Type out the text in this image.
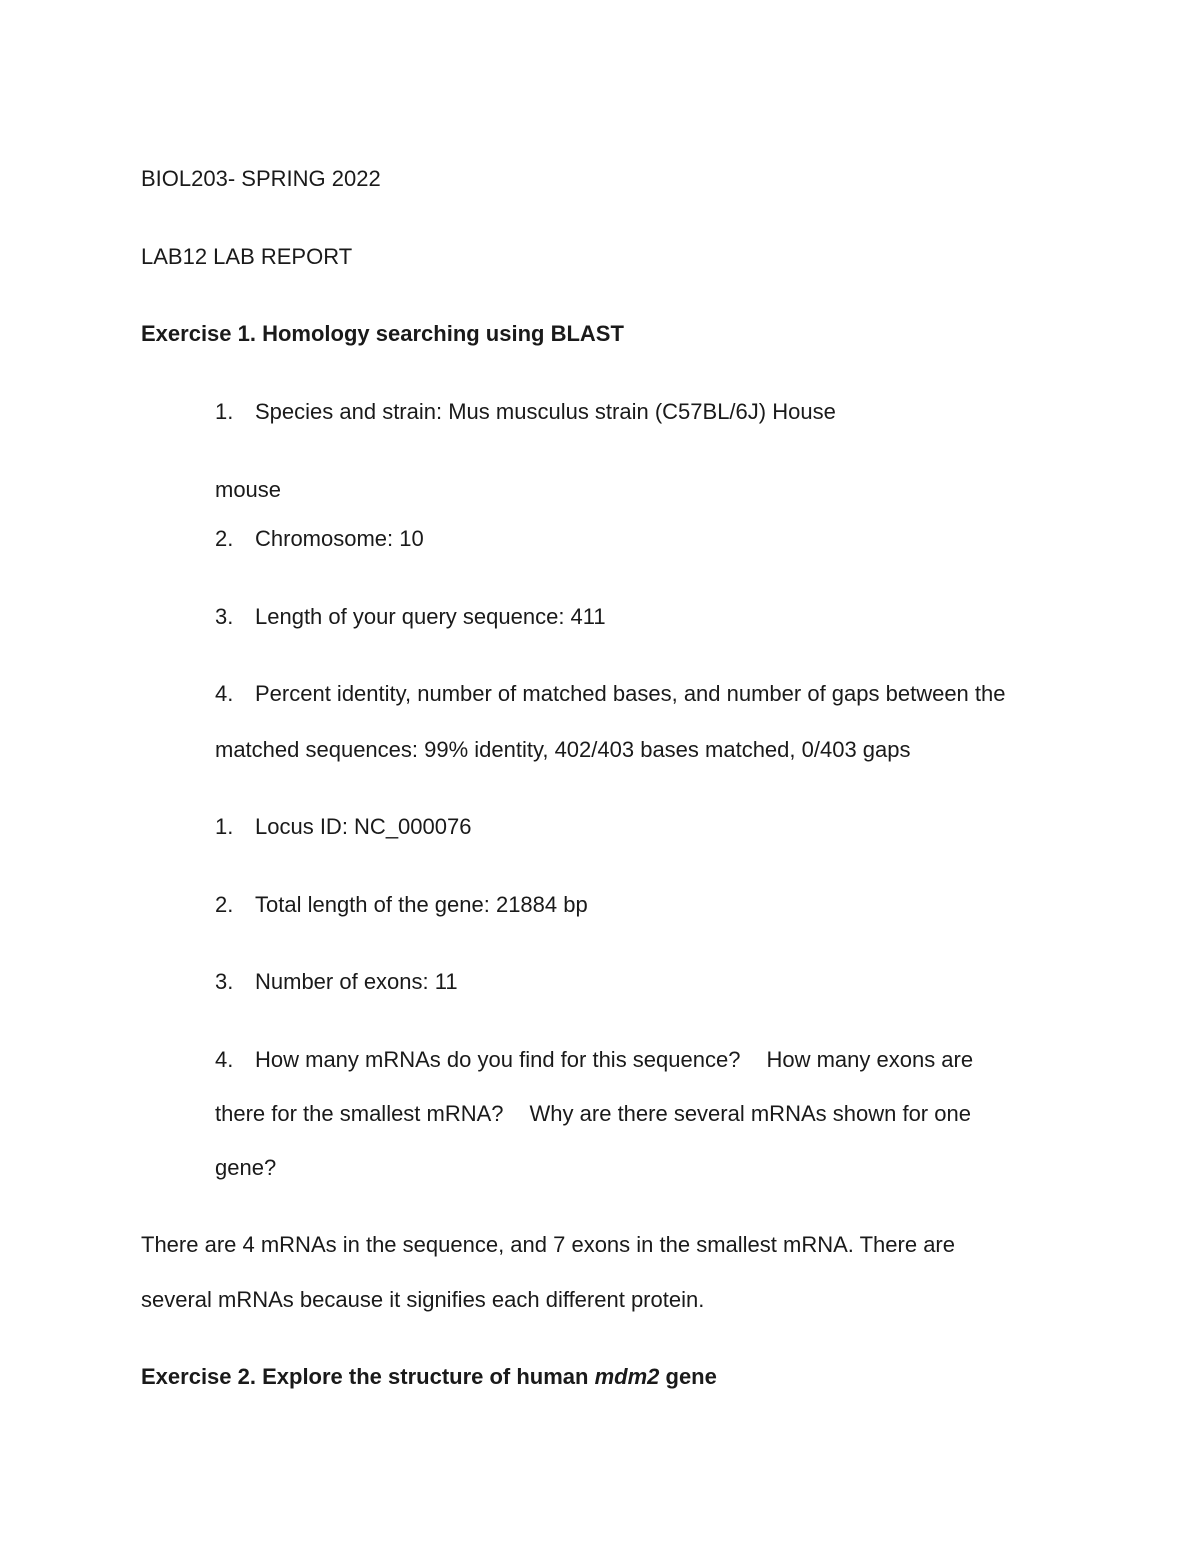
BIOL203- SPRING 2022
LAB12 LAB REPORT
Exercise 1. Homology searching using BLAST
1. Species and strain: Mus musculus strain (C57BL/6J) House
mouse
2. Chromosome: 10
3. Length of your query sequence: 411
4. Percent identity, number of matched bases, and number of gaps between the
matched sequences: 99% identity, 402/403 bases matched, 0/403 gaps
1. Locus ID: NC_000076
2. Total length of the gene: 21884 bp
3. Number of exons: 11
4. How many mRNAs do you find for this sequence? How many exons are
there for the smallest mRNA? Why are there several mRNAs shown for one
gene?
There are 4 mRNAs in the sequence, and 7 exons in the smallest mRNA. There are
several mRNAs because it signifies each different protein.
Exercise 2. Explore the structure of human mdm2 gene
